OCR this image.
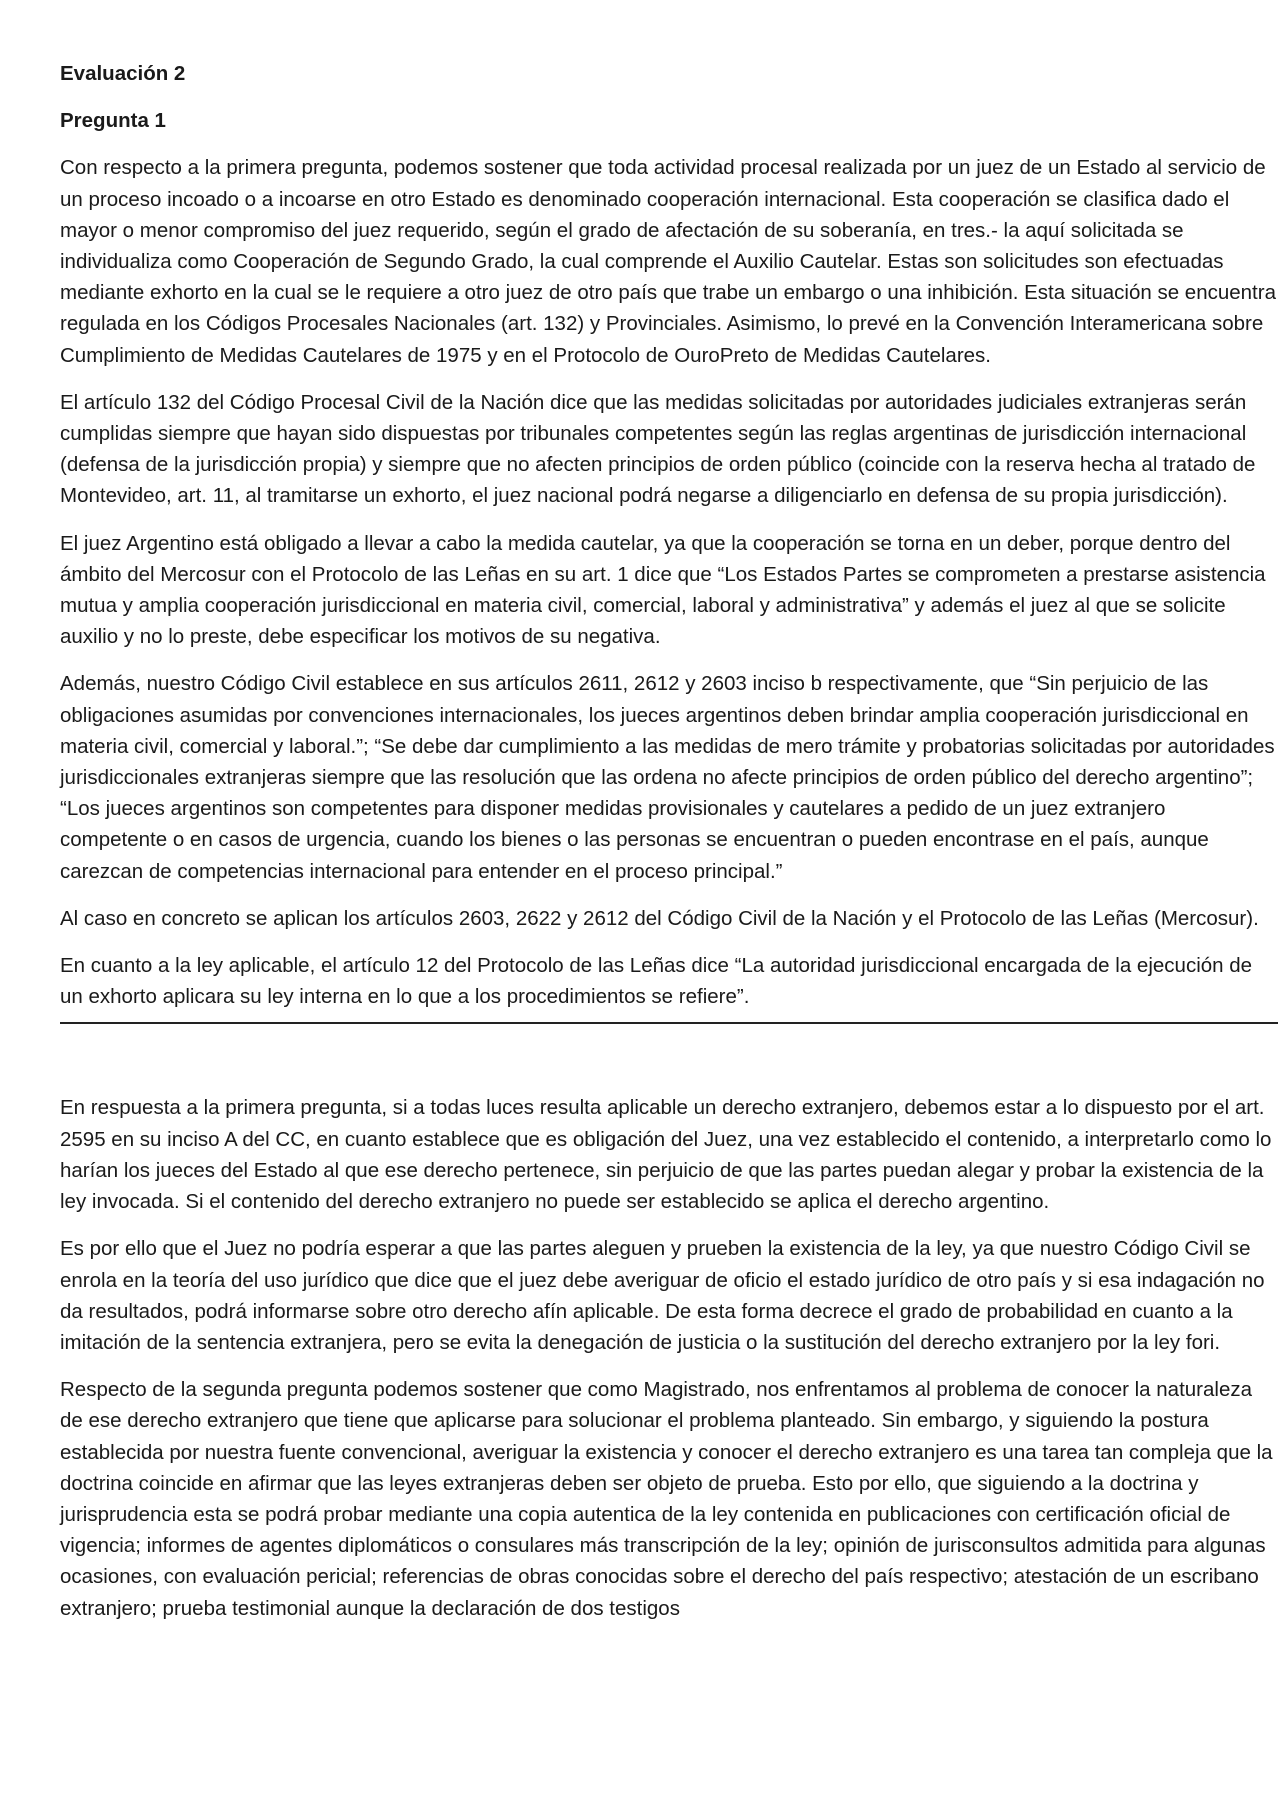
Evaluación 2
Pregunta 1

Con respecto a la primera pregunta, podemos sostener que toda actividad procesal realizada por un juez de un Estado al servicio de un proceso incoado o a incoarse en otro Estado es denominado cooperación internacional. Esta cooperación se clasifica dado el mayor o menor compromiso del juez requerido, según el grado de afectación de su soberanía, en tres.- la aquí solicitada se individualiza como Cooperación de Segundo Grado, la cual comprende el Auxilio Cautelar. Estas son solicitudes son efectuadas mediante exhorto en la cual se le requiere a otro juez de otro país que trabe un embargo o una inhibición. Esta situación se encuentra regulada en los Códigos Procesales Nacionales (art. 132) y Provinciales. Asimismo, lo prevé en la Convención Interamericana sobre Cumplimiento de Medidas Cautelares de 1975 y en el Protocolo de OuroPreto de Medidas Cautelares.

El artículo 132 del Código Procesal Civil de la Nación dice que las medidas solicitadas por autoridades judiciales extranjeras serán cumplidas siempre que hayan sido dispuestas por tribunales competentes según las reglas argentinas de jurisdicción internacional (defensa de la jurisdicción propia) y siempre que no afecten principios de orden público (coincide con la reserva hecha al tratado de Montevideo, art. 11, al tramitarse un exhorto, el juez nacional podrá negarse a diligenciarlo en defensa de su propia jurisdicción).

El juez Argentino está obligado a llevar a cabo la medida cautelar, ya que la cooperación se torna en un deber, porque dentro del ámbito del Mercosur con el Protocolo de las Leñas en su art. 1 dice que “Los Estados Partes se comprometen a prestarse asistencia mutua y amplia cooperación jurisdiccional en materia civil, comercial, laboral y administrativa” y además el juez al que se solicite auxilio y no lo preste, debe especificar los motivos de su negativa.

Además, nuestro Código Civil establece en sus artículos 2611, 2612 y 2603 inciso b respectivamente, que “Sin perjuicio de las obligaciones asumidas por convenciones internacionales, los jueces argentinos deben brindar amplia cooperación jurisdiccional en materia civil, comercial y laboral.”; “Se debe dar cumplimiento a las medidas de mero trámite y probatorias solicitadas por autoridades jurisdiccionales extranjeras siempre que las resolución que las ordena no afecte principios de orden público del derecho argentino”; “Los jueces argentinos son competentes para disponer medidas provisionales y cautelares a pedido de un juez extranjero competente o en casos de urgencia, cuando los bienes o las personas se encuentran o pueden encontrase en el país, aunque carezcan de competencias internacional para entender en el proceso principal.”

Al caso en concreto se aplican los artículos 2603, 2622 y 2612 del Código Civil de la Nación y el Protocolo de las Leñas (Mercosur).

En cuanto a la ley aplicable, el artículo 12 del Protocolo de las Leñas dice “La autoridad jurisdiccional encargada de la ejecución de un exhorto aplicara su ley interna en lo que a los procedimientos se refiere”.

En respuesta a la primera pregunta, si a todas luces resulta aplicable un derecho extranjero, debemos estar a lo dispuesto por el art. 2595 en su inciso A del CC, en cuanto establece que es obligación del Juez, una vez establecido el contenido, a interpretarlo como lo harían los jueces del Estado al que ese derecho pertenece, sin perjuicio de que las partes puedan alegar y probar la existencia de la ley invocada. Si el contenido del derecho extranjero no puede ser establecido se aplica el derecho argentino.

Es por ello que el Juez no podría esperar a que las partes aleguen y prueben la existencia de la ley, ya que nuestro Código Civil se enrola en la teoría del uso jurídico que dice que el juez debe averiguar de oficio el estado jurídico de otro país y si esa indagación no da resultados, podrá informarse sobre otro derecho afín aplicable. De esta forma decrece el grado de probabilidad en cuanto a la imitación de la sentencia extranjera, pero se evita la denegación de justicia o la sustitución del derecho extranjero por la ley fori.

Respecto de la segunda pregunta podemos sostener que como Magistrado, nos enfrentamos al problema de conocer la naturaleza de ese derecho extranjero que tiene que aplicarse para solucionar el problema planteado. Sin embargo, y siguiendo la postura establecida por nuestra fuente convencional, averiguar la existencia y conocer el derecho extranjero es una tarea tan compleja que la doctrina coincide en afirmar que las leyes extranjeras deben ser objeto de prueba. Esto por ello, que siguiendo a la doctrina y jurisprudencia esta se podrá probar mediante una copia autentica de la ley contenida en publicaciones con certificación oficial de vigencia; informes de agentes diplomáticos o consulares más transcripción de la ley; opinión de jurisconsultos admitida para algunas ocasiones, con evaluación pericial; referencias de obras conocidas sobre el derecho del país respectivo; atestación de un escribano extranjero; prueba testimonial aunque la declaración de dos testigos
